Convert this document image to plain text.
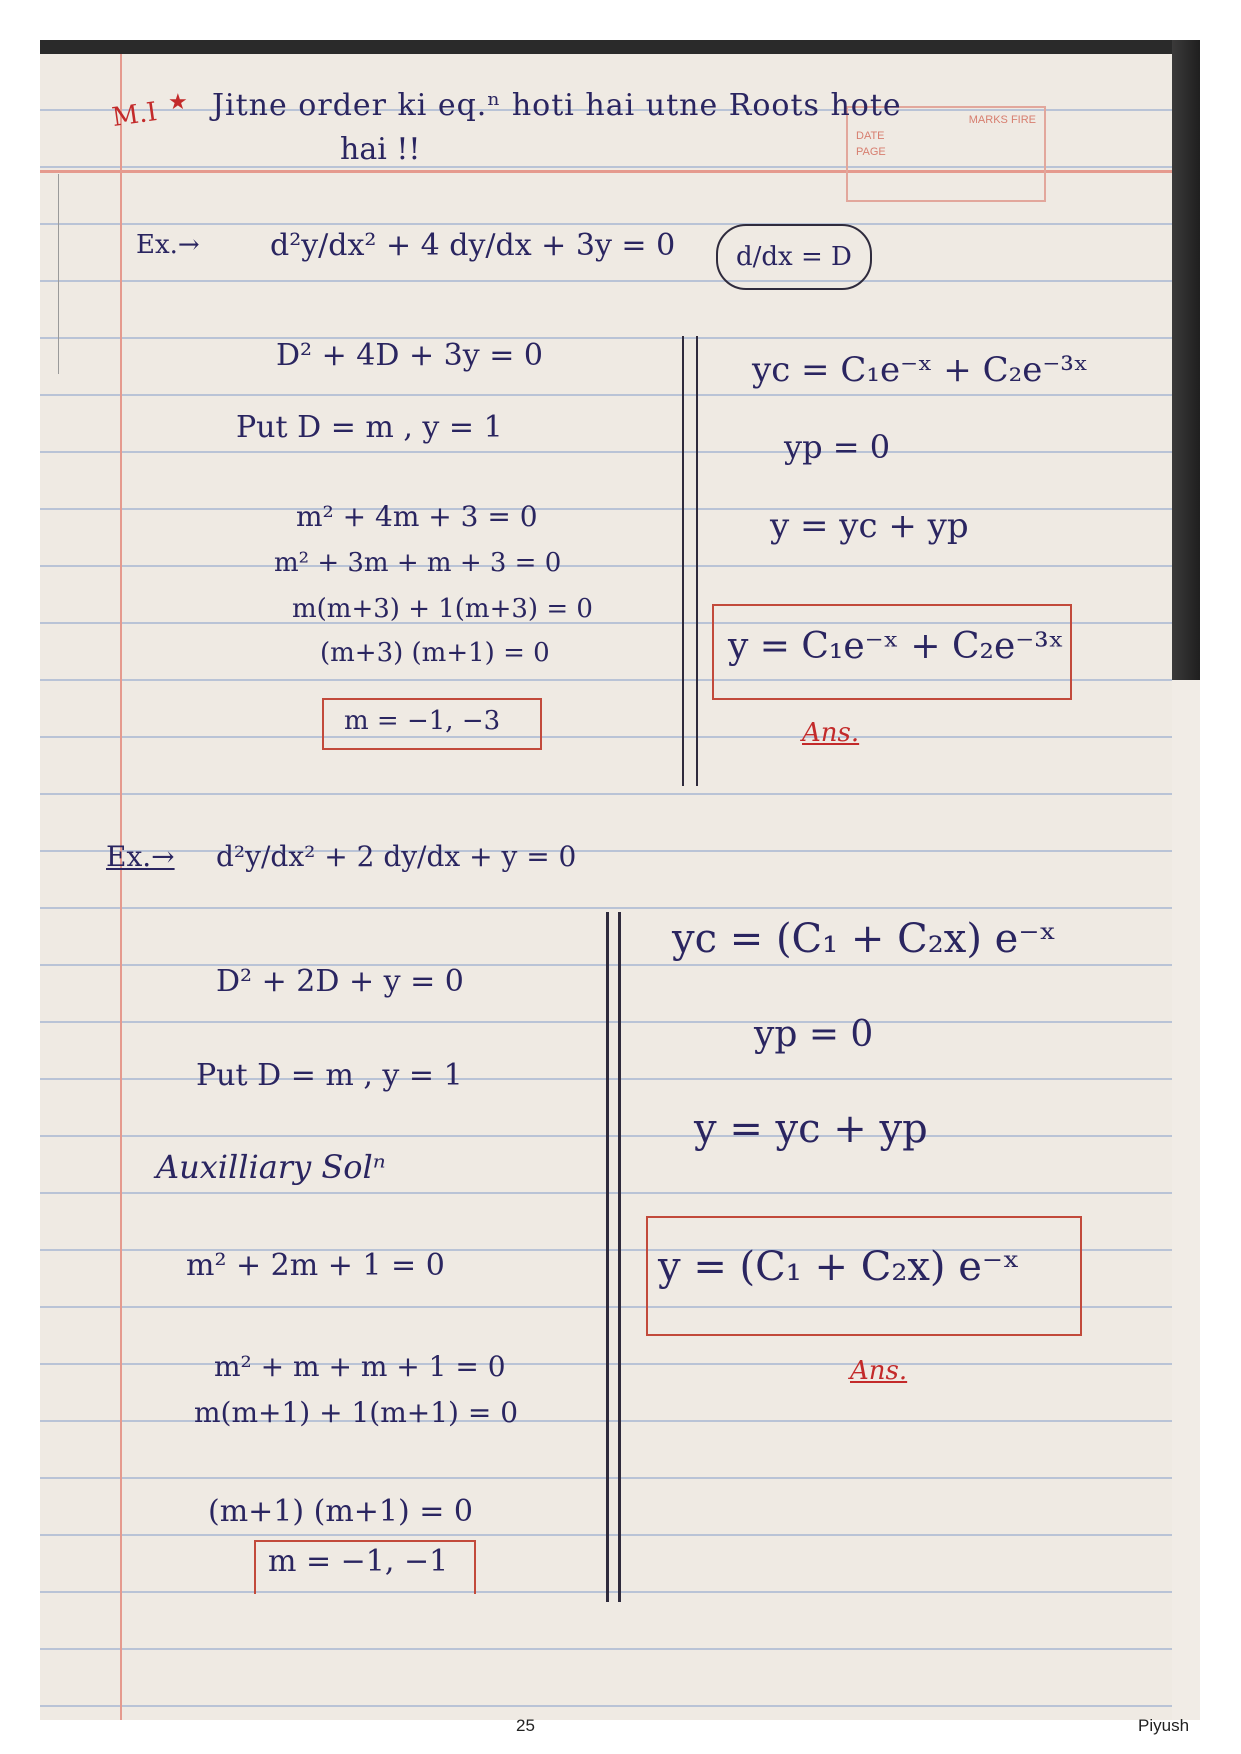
MARKS FIRE
DATE
PAGE
M.I ★ Jitne order ki eq.ⁿ hoti hai utne Roots hote
hai !!
Ex.→ d²y/dx² + 4 dy/dx + 3y = 0	d/dx = D
D² + 4D + 3y = 0
Put D = m , y = 1
m² + 4m + 3 = 0
m² + 3m + m + 3 = 0
m(m+3) + 1(m+3) = 0
(m+3) (m+1) = 0
m = −1, −3
yc = C₁e⁻ˣ + C₂e⁻³ˣ
yp = 0
y = yc + yp
y = C₁e⁻ˣ + C₂e⁻³ˣ
Ans.
Ex.→ d²y/dx² + 2 dy/dx + y = 0
D² + 2D + y = 0
Put D = m , y = 1
Auxilliary Solⁿ
m² + 2m + 1 = 0
m² + m + m + 1 = 0
m(m+1) + 1(m+1) = 0
(m+1) (m+1) = 0
m = −1, −1
yc = (C₁ + C₂x) e⁻ˣ
yp = 0
y = yc + yp
y = (C₁ + C₂x) e⁻ˣ
Ans.
25	Piyush
